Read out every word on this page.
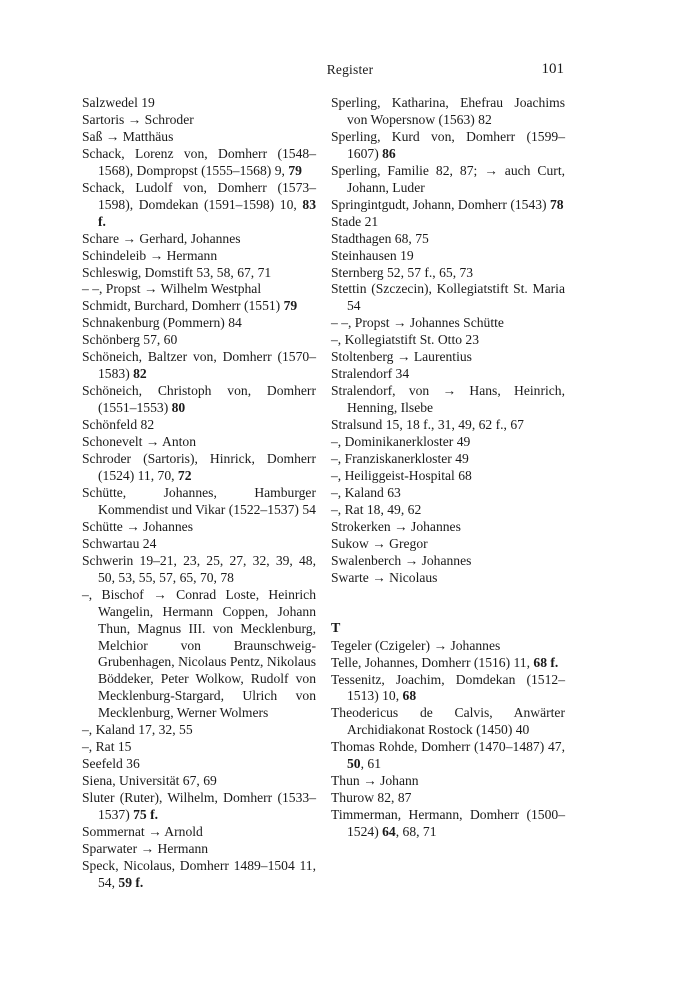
Register	101
Salzwedel 19
Sartoris → Schroder
Saß → Matthäus
Schack, Lorenz von, Domherr (1548–1568), Dompropst (1555–1568) 9, 79
Schack, Ludolf von, Domherr (1573–1598), Domdekan (1591–1598) 10, 83 f.
Schare → Gerhard, Johannes
Schindeleib → Hermann
Schleswig, Domstift 53, 58, 67, 71
– –, Propst → Wilhelm Westphal
Schmidt, Burchard, Domherr (1551) 79
Schnakenburg (Pommern) 84
Schönberg 57, 60
Schöneich, Baltzer von, Domherr (1570–1583) 82
Schöneich, Christoph von, Domherr (1551–1553) 80
Schönfeld 82
Schonevelt → Anton
Schroder (Sartoris), Hinrick, Domherr (1524) 11, 70, 72
Schütte, Johannes, Hamburger Kommendist und Vikar (1522–1537) 54
Schütte → Johannes
Schwartau 24
Schwerin 19–21, 23, 25, 27, 32, 39, 48, 50, 53, 55, 57, 65, 70, 78
–, Bischof → Conrad Loste, Heinrich Wangelin, Hermann Coppen, Johann Thun, Magnus III. von Mecklenburg, Melchior von Braunschweig-Grubenhagen, Nicolaus Pentz, Nikolaus Böddeker, Peter Wolkow, Rudolf von Mecklenburg-Stargard, Ulrich von Mecklenburg, Werner Wolmers
–, Kaland 17, 32, 55
–, Rat 15
Seefeld 36
Siena, Universität 67, 69
Sluter (Ruter), Wilhelm, Domherr (1533–1537) 75 f.
Sommernat → Arnold
Sparwater → Hermann
Speck, Nicolaus, Domherr 1489–1504 11, 54, 59 f.
Sperling, Katharina, Ehefrau Joachims von Wopersnow (1563) 82
Sperling, Kurd von, Domherr (1599–1607) 86
Sperling, Familie 82, 87; → auch Curt, Johann, Luder
Springintgudt, Johann, Domherr (1543) 78
Stade 21
Stadthagen 68, 75
Steinhausen 19
Sternberg 52, 57 f., 65, 73
Stettin (Szczecin), Kollegiatstift St. Maria 54
– –, Propst → Johannes Schütte
–, Kollegiatstift St. Otto 23
Stoltenberg → Laurentius
Stralendorf 34
Stralendorf, von → Hans, Heinrich, Henning, Ilsebe
Stralsund 15, 18 f., 31, 49, 62 f., 67
–, Dominikanerkloster 49
–, Franziskanerkloster 49
–, Heiliggeist-Hospital 68
–, Kaland 63
–, Rat 18, 49, 62
Strokerken → Johannes
Sukow → Gregor
Swalenberch → Johannes
Swarte → Nicolaus
T
Tegeler (Czigeler) → Johannes
Telle, Johannes, Domherr (1516) 11, 68 f.
Tessenitz, Joachim, Domdekan (1512–1513) 10, 68
Theodericus de Calvis, Anwärter Archidiakonat Rostock (1450) 40
Thomas Rohde, Domherr (1470–1487) 47, 50, 61
Thun → Johann
Thurow 82, 87
Timmerman, Hermann, Domherr (1500–1524) 64, 68, 71
